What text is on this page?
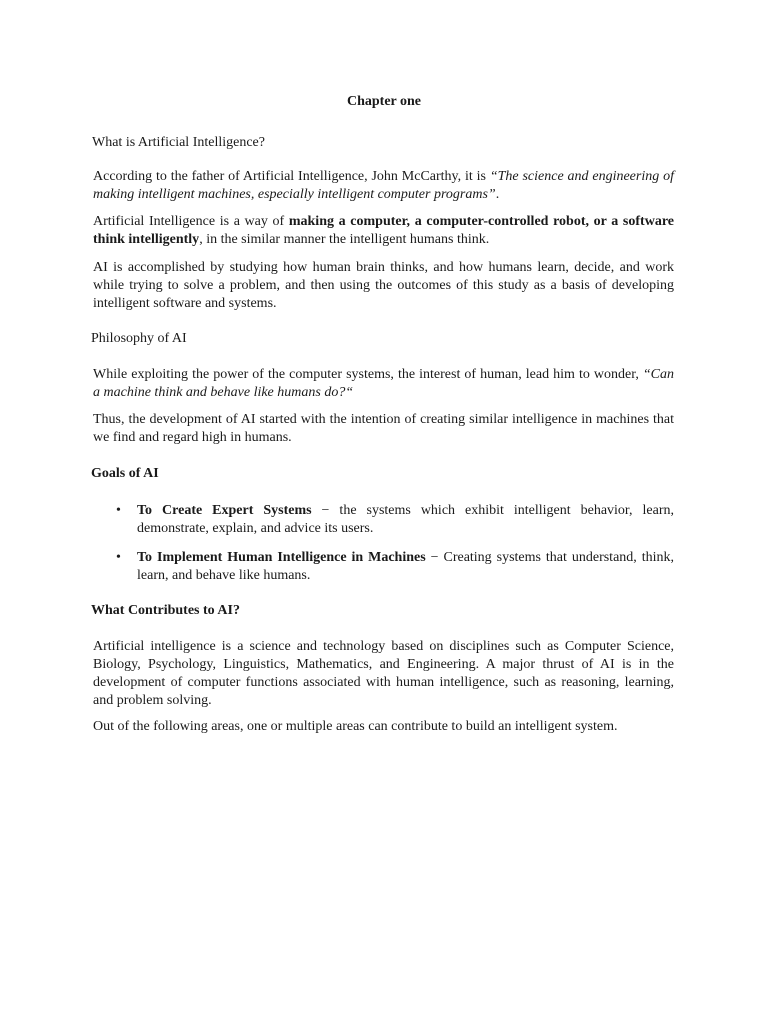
Chapter one
What is Artificial Intelligence?
According to the father of Artificial Intelligence, John McCarthy, it is “The science and engineering of making intelligent machines, especially intelligent computer programs”.
Artificial Intelligence is a way of making a computer, a computer-controlled robot, or a software think intelligently, in the similar manner the intelligent humans think.
AI is accomplished by studying how human brain thinks, and how humans learn, decide, and work while trying to solve a problem, and then using the outcomes of this study as a basis of developing intelligent software and systems.
Philosophy of AI
While exploiting the power of the computer systems, the interest of human, lead him to wonder, “Can a machine think and behave like humans do?“
Thus, the development of AI started with the intention of creating similar intelligence in machines that we find and regard high in humans.
Goals of AI
• To Create Expert Systems − the systems which exhibit intelligent behavior, learn, demonstrate, explain, and advice its users.
• To Implement Human Intelligence in Machines − Creating systems that understand, think, learn, and behave like humans.
What Contributes to AI?
Artificial intelligence is a science and technology based on disciplines such as Computer Science, Biology, Psychology, Linguistics, Mathematics, and Engineering. A major thrust of AI is in the development of computer functions associated with human intelligence, such as reasoning, learning, and problem solving.
Out of the following areas, one or multiple areas can contribute to build an intelligent system.
